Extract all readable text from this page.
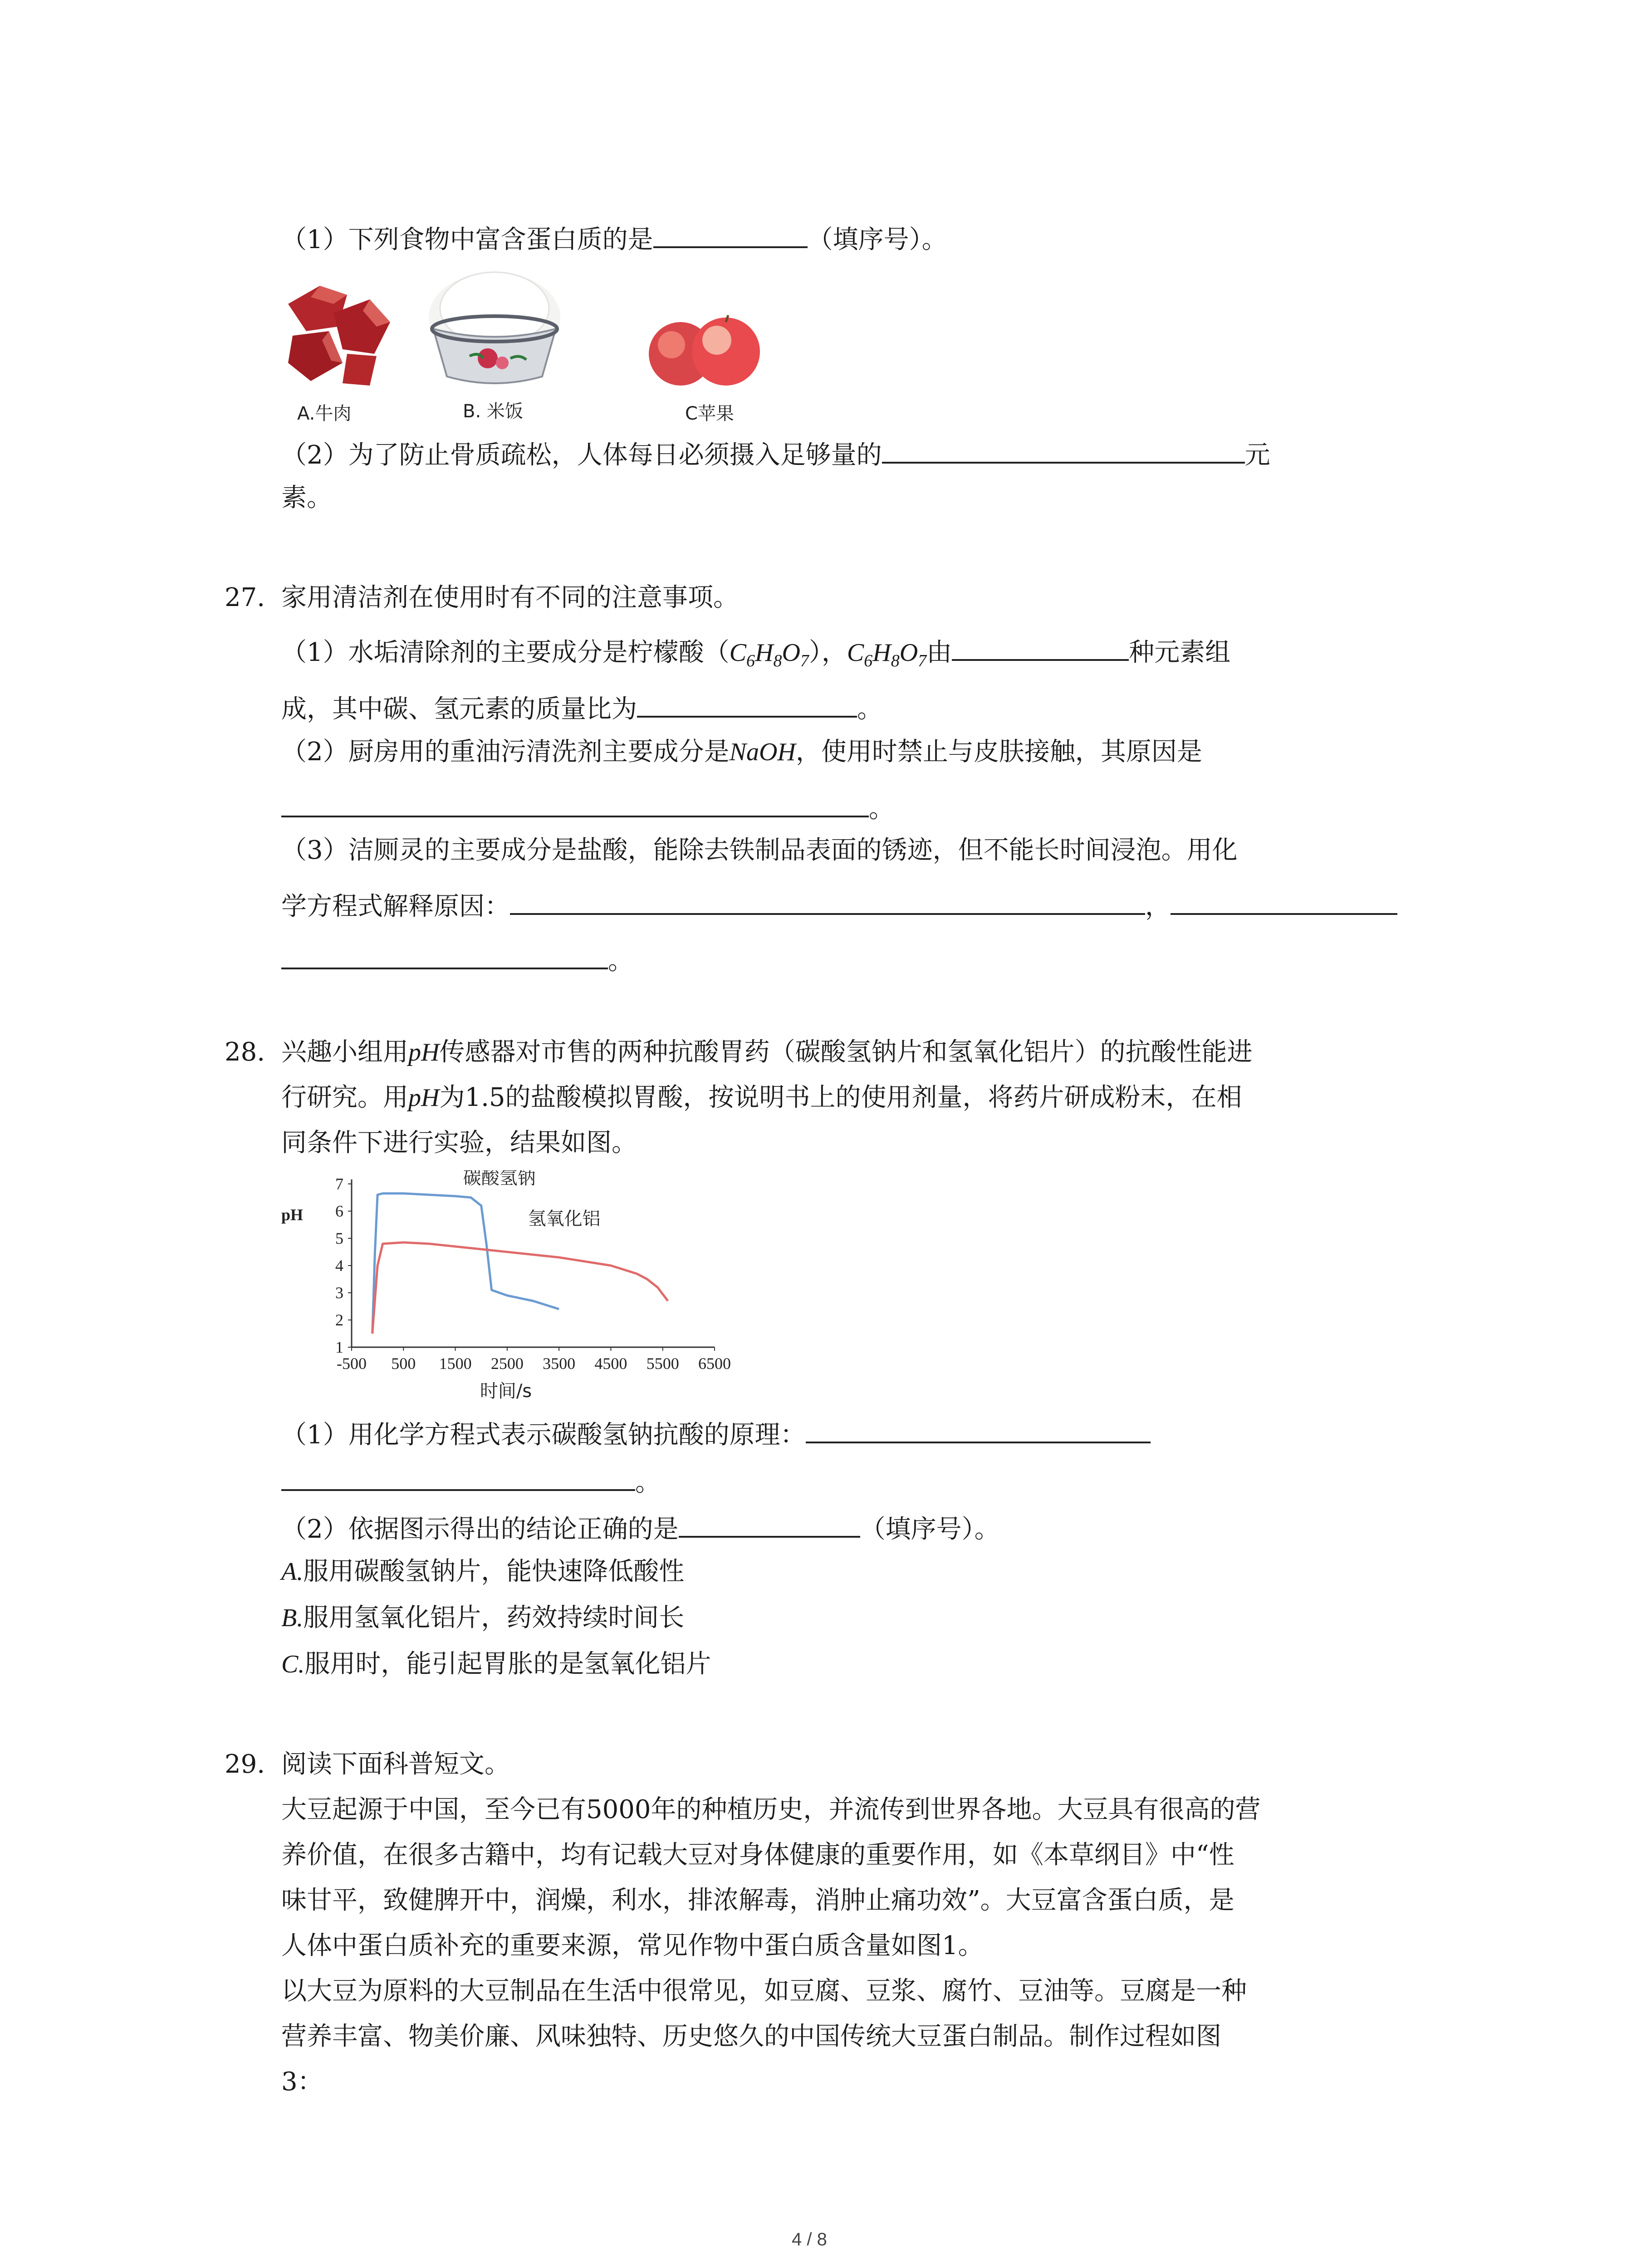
（1）下列食物中富含蛋白质的是	（填序号）。
A.牛肉	B. 米饭	C苹果
（2）为了防止骨质疏松，人体每日必须摄入足够量的	元
素。
27. 家用清洁剂在使用时有不同的注意事项。
（1）水垢清除剂的主要成分是柠檬酸$(C_6H_8O_7)$，$C_6H_8O_7$由	种元素组
成，其中碳、氢元素的质量比为	。
（2）厨房用的重油污清洗剂主要成分是NaOH，使用时禁止与皮肤接触，其原因是
。
（3）洁厕灵的主要成分是盐酸，能除去铁制品表面的锈迹，但不能长时间浸泡。用化
学方程式解释原因：	，
。
28. 兴趣小组用pH传感器对市售的两种抗酸胃药（碳酸氢钠片和氢氧化铝片）的抗酸性能进
行研究。用pH为1.5的盐酸模拟胃酸，按说明书上的使用剂量，将药片研成粉末，在相
同条件下进行实验，结果如图。
1
2
3
4
5
6
7
-500 500 1500 2500 3500 4500 5500 6500
pH
时间/s
碳酸氢钠
氢氧化铝
（1）用化学方程式表示碳酸氢钠抗酸的原理：
。
（2）依据图示得出的结论正确的是	（填序号）。
A.服用碳酸氢钠片，能快速降低酸性
B.服用氢氧化铝片，药效持续时间长
C.服用时，能引起胃胀的是氢氧化铝片
29. 阅读下面科普短文。
大豆起源于中国，至今已有5000年的种植历史，并流传到世界各地。大豆具有很高的营
养价值，在很多古籍中，均有记载大豆对身体健康的重要作用，如《本草纲目》中“性
味甘平，致健脾开中，润燥，利水，排浓解毒，消肿止痛功效”。大豆富含蛋白质，是
人体中蛋白质补充的重要来源，常见作物中蛋白质含量如图1。
以大豆为原料的大豆制品在生活中很常见，如豆腐、豆浆、腐竹、豆油等。豆腐是一种
营养丰富、物美价廉、风味独特、历史悠久的中国传统大豆蛋白制品。制作过程如图
3：
4 / 8
